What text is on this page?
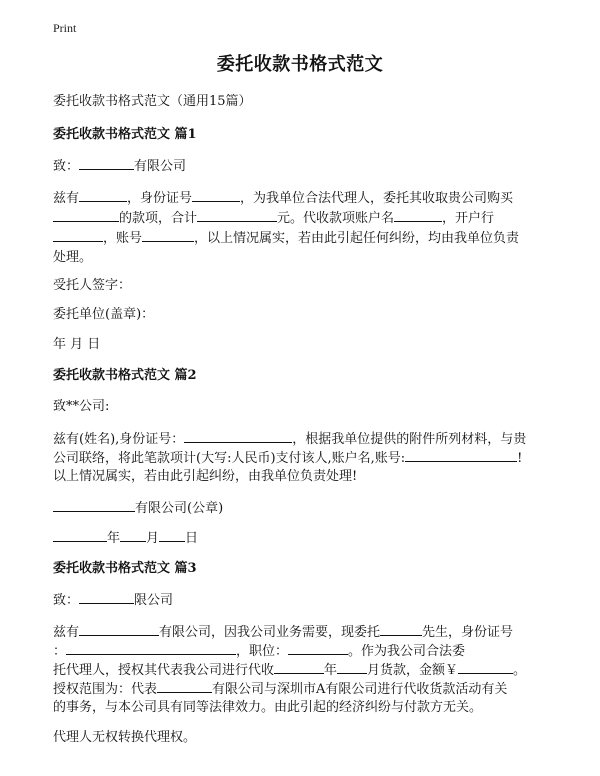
Print
委托收款书格式范文
委托收款书格式范文（通用15篇）
委托收款书格式范文 篇1
致：	有限公司
兹有	，身份证号	，为我单位合法代理人，委托其收取贵公司购买
的款项，合计	元。代收款项账户名	，开户行
，账号	，以上情况属实，若由此引起任何纠纷，均由我单位负责
处理。
受托人签字：
委托单位(盖章)：
年 月 日
委托收款书格式范文 篇2
致**公司:
兹有(姓名),身份证号：	，根据我单位提供的附件所列材料，与贵
公司联络，将此笔款项计(大写:人民币)支付该人,账户名,账号:	!
以上情况属实，若由此引起纠纷，由我单位负责处理!
有限公司(公章)
年 月 日
委托收款书格式范文 篇3
致：	限公司
兹有	有限公司，因我公司业务需要，现委托	先生，身份证号
：	，职位：	。作为我公司合法委
托代理人，授权其代表我公司进行代收	年 月货款，金额￥	。
授权范围为：代表	有限公司与深圳市A有限公司进行代收货款活动有关
的事务，与本公司具有同等法律效力。由此引起的经济纠纷与付款方无关。
代理人无权转换代理权。
